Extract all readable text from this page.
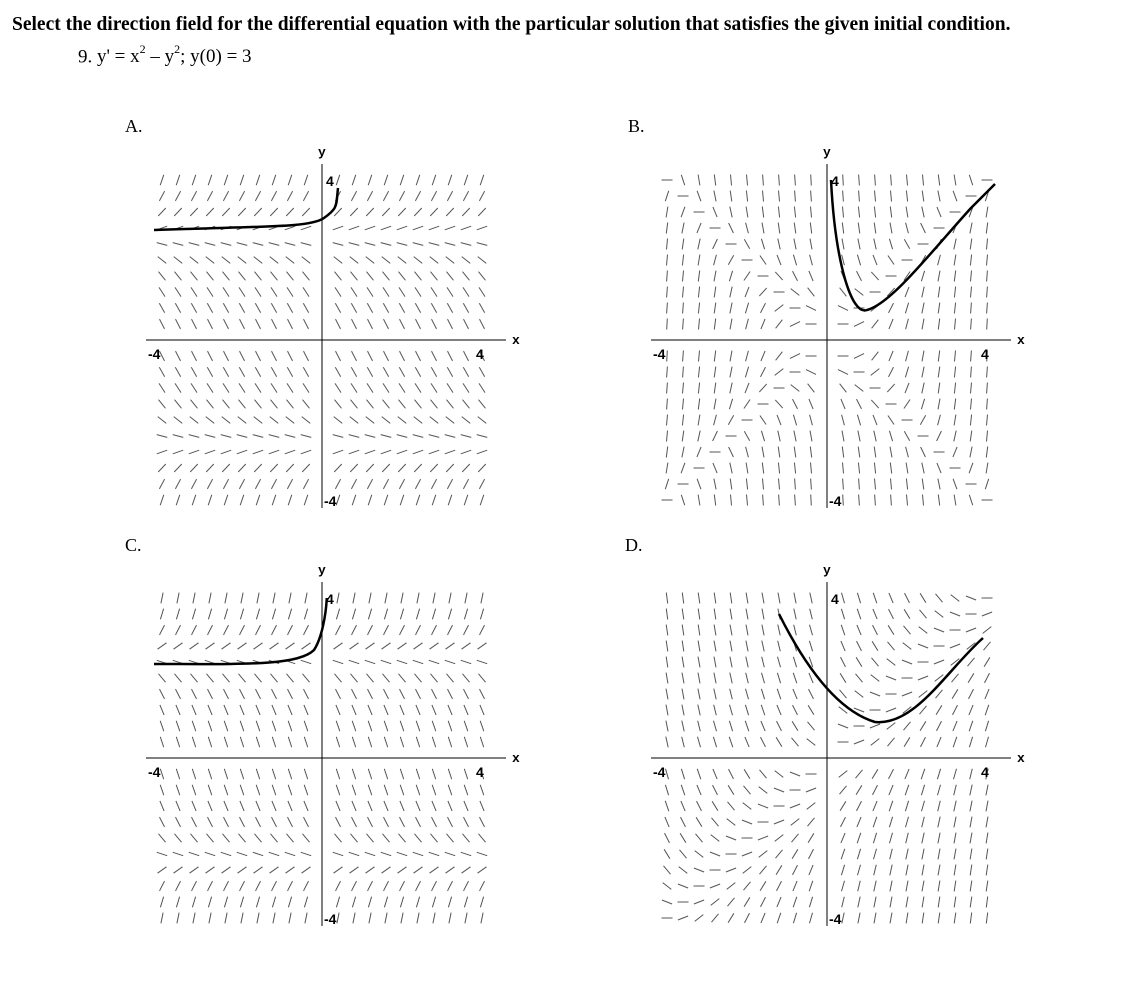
Select the direction field for the differential equation with the particular solution that satisfies the given initial condition.
9. $y' = x^2 - y^2$; y(0) = 3
A.
y
x
4
-4
-4	4
B.
y
x
4
-4
-4	4
C.
y
x
4
-4
-4	4
D.
y
x
4
-4
-4	4
